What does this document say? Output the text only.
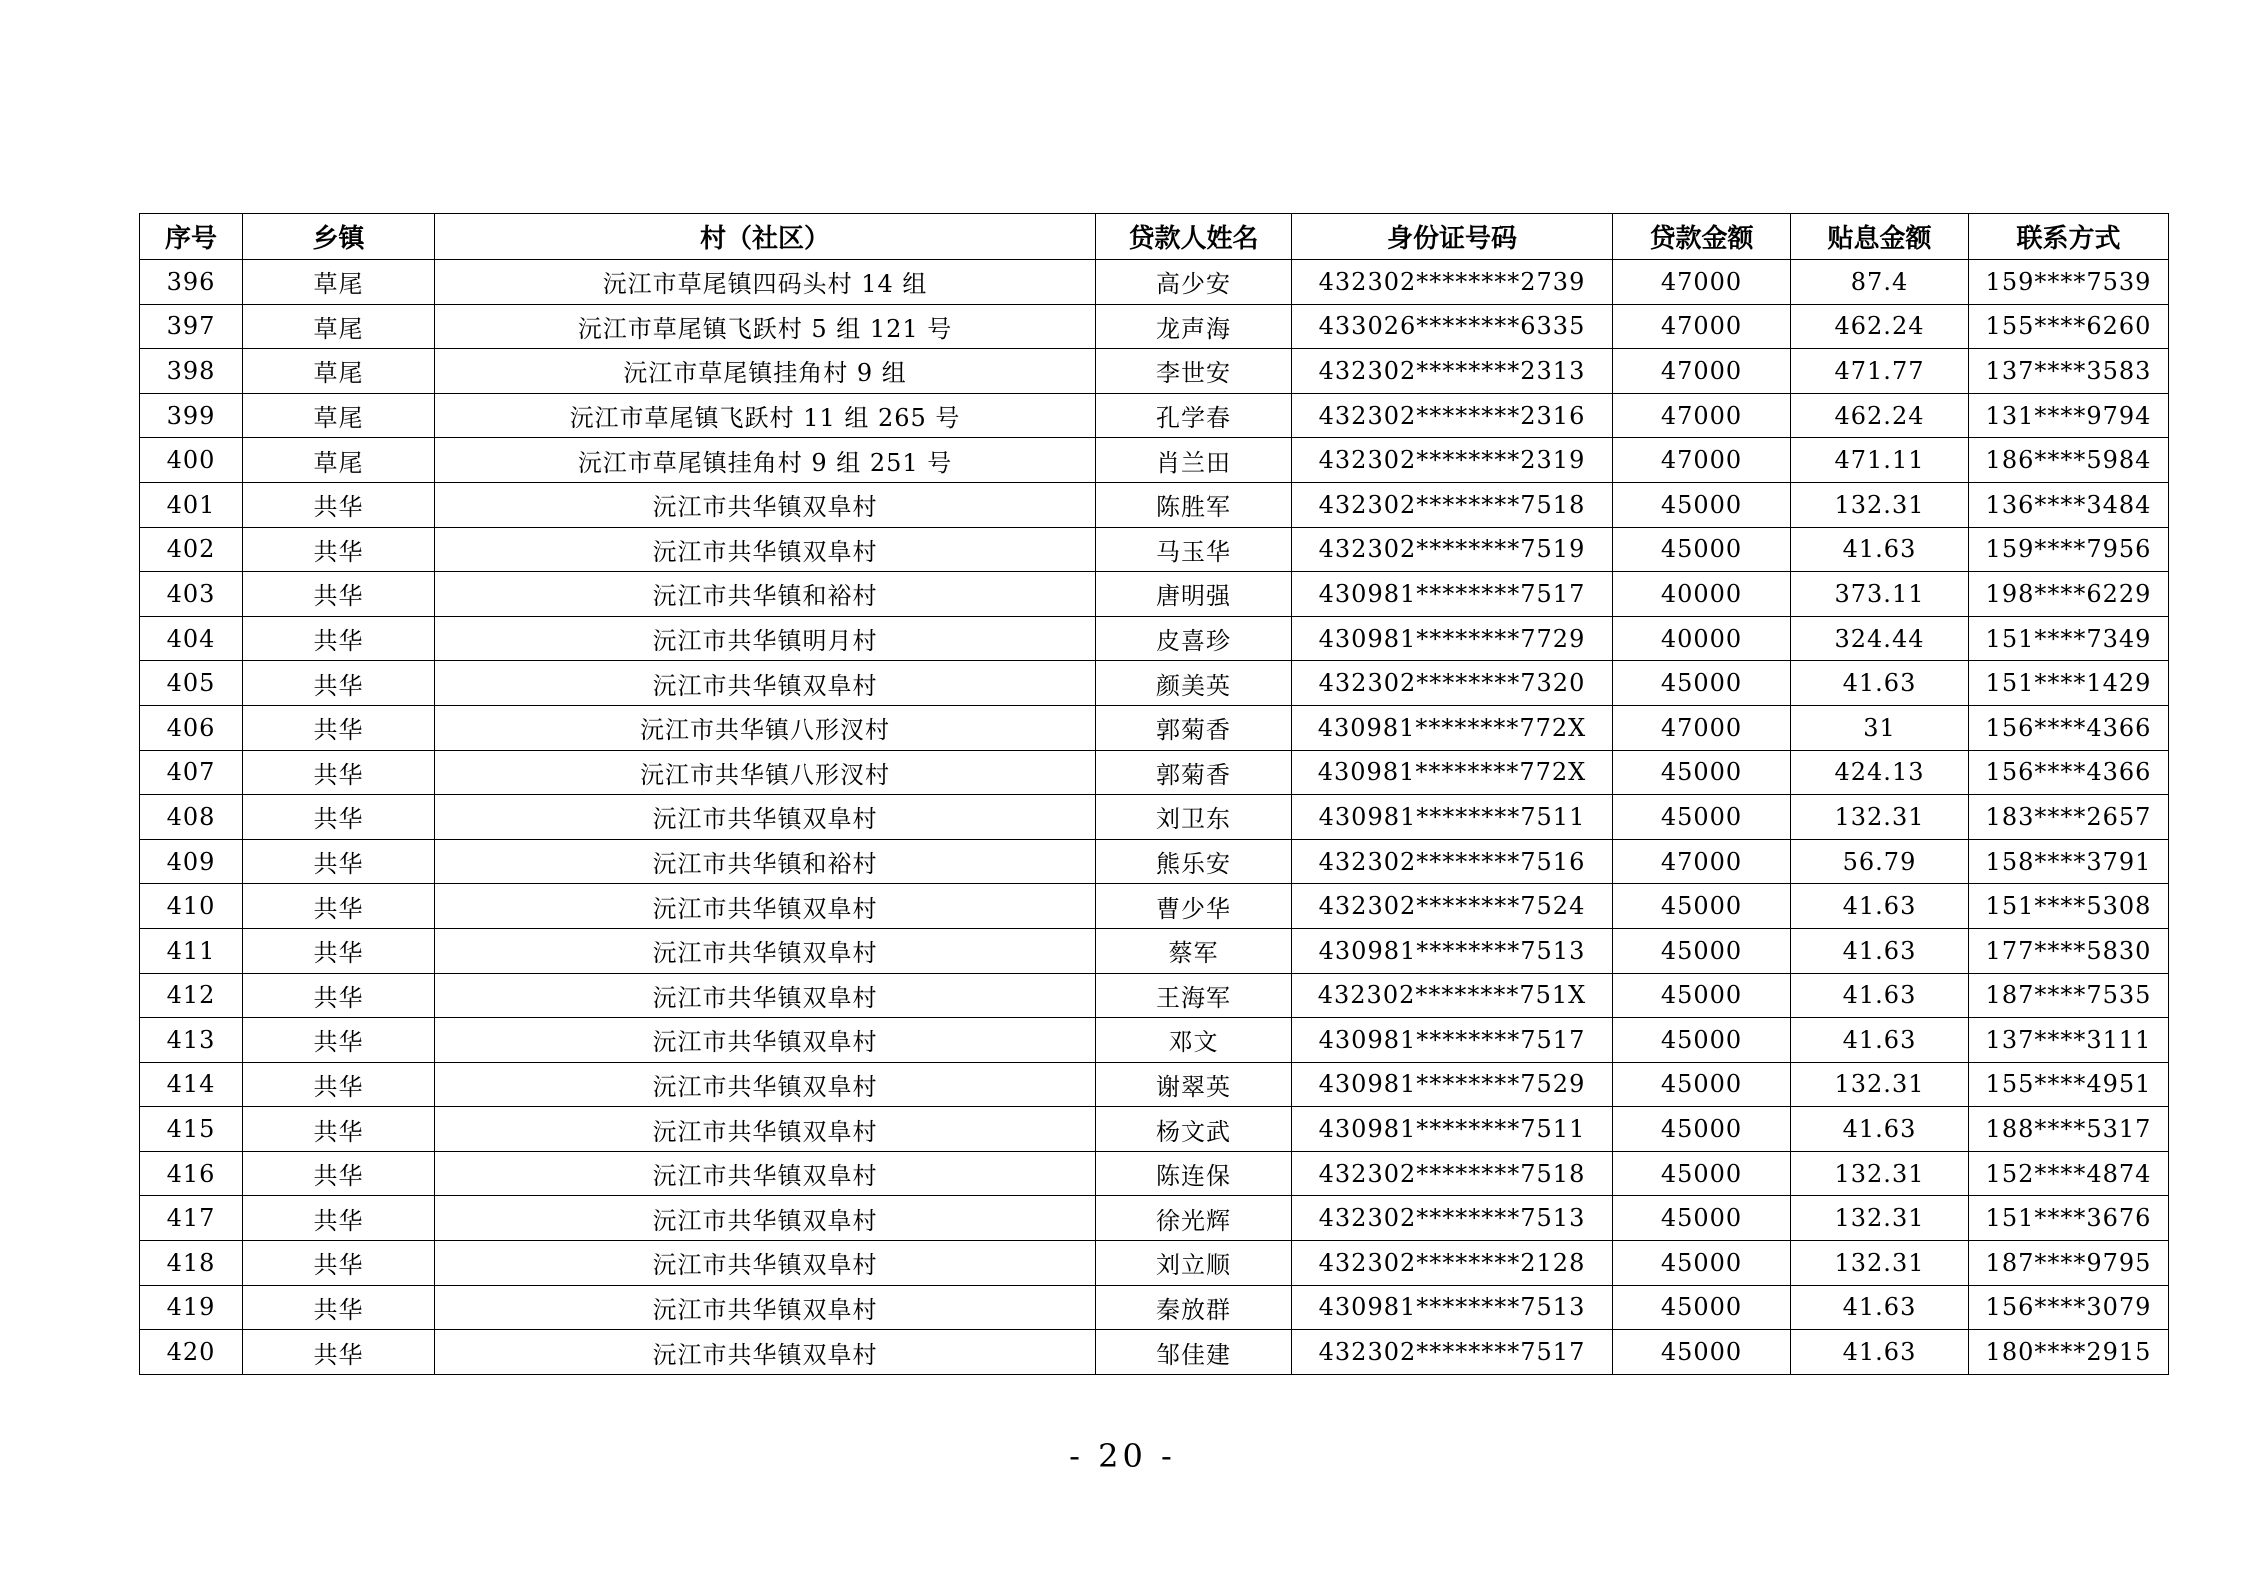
序号	乡镇	村（社区）	贷款人姓名	身份证号码	贷款金额	贴息金额	联系方式
396	草尾	沅江市草尾镇四码头村 14 组	高少安	432302********2739	47000	87.4	159****7539
397	草尾	沅江市草尾镇飞跃村 5 组 121 号	龙声海	433026********6335	47000	462.24	155****6260
398	草尾	沅江市草尾镇挂角村 9 组	李世安	432302********2313	47000	471.77	137****3583
399	草尾	沅江市草尾镇飞跃村 11 组 265 号	孔学春	432302********2316	47000	462.24	131****9794
400	草尾	沅江市草尾镇挂角村 9 组 251 号	肖兰田	432302********2319	47000	471.11	186****5984
401	共华	沅江市共华镇双阜村	陈胜军	432302********7518	45000	132.31	136****3484
402	共华	沅江市共华镇双阜村	马玉华	432302********7519	45000	41.63	159****7956
403	共华	沅江市共华镇和裕村	唐明强	430981********7517	40000	373.11	198****6229
404	共华	沅江市共华镇明月村	皮喜珍	430981********7729	40000	324.44	151****7349
405	共华	沅江市共华镇双阜村	颜美英	432302********7320	45000	41.63	151****1429
406	共华	沅江市共华镇八形汊村	郭菊香	430981********772X	47000	31	156****4366
407	共华	沅江市共华镇八形汊村	郭菊香	430981********772X	45000	424.13	156****4366
408	共华	沅江市共华镇双阜村	刘卫东	430981********7511	45000	132.31	183****2657
409	共华	沅江市共华镇和裕村	熊乐安	432302********7516	47000	56.79	158****3791
410	共华	沅江市共华镇双阜村	曹少华	432302********7524	45000	41.63	151****5308
411	共华	沅江市共华镇双阜村	蔡军	430981********7513	45000	41.63	177****5830
412	共华	沅江市共华镇双阜村	王海军	432302********751X	45000	41.63	187****7535
413	共华	沅江市共华镇双阜村	邓文	430981********7517	45000	41.63	137****3111
414	共华	沅江市共华镇双阜村	谢翠英	430981********7529	45000	132.31	155****4951
415	共华	沅江市共华镇双阜村	杨文武	430981********7511	45000	41.63	188****5317
416	共华	沅江市共华镇双阜村	陈连保	432302********7518	45000	132.31	152****4874
417	共华	沅江市共华镇双阜村	徐光辉	432302********7513	45000	132.31	151****3676
418	共华	沅江市共华镇双阜村	刘立顺	432302********2128	45000	132.31	187****9795
419	共华	沅江市共华镇双阜村	秦放群	430981********7513	45000	41.63	156****3079
420	共华	沅江市共华镇双阜村	邹佳建	432302********7517	45000	41.63	180****2915
- 20 -
